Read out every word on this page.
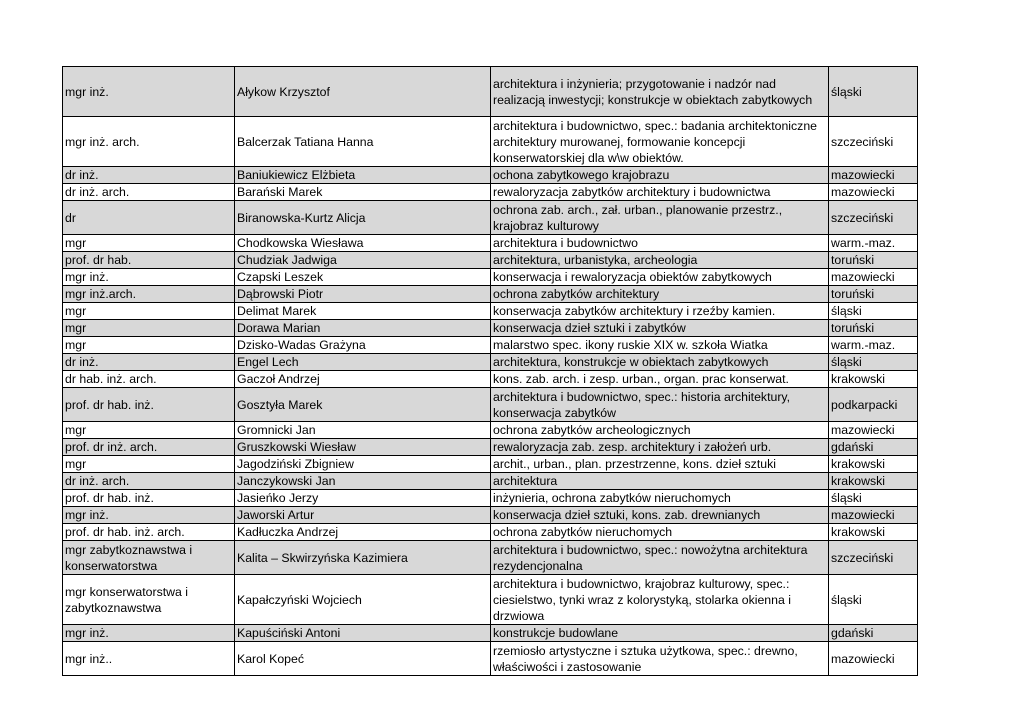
mgr inż.	Ałykow Krzysztof	architektura i inżynieria; przygotowanie i nadzór nad realizacją inwestycji; konstrukcje w obiektach zabytkowych	śląski
mgr inż. arch.	Balcerzak Tatiana Hanna	architektura i budownictwo, spec.: badania architektoniczne architektury murowanej, formowanie koncepcji konserwatorskiej dla w\w obiektów.	szczeciński
dr inż.	Baniukiewicz Elżbieta	ochona zabytkowego krajobrazu	mazowiecki
dr inż. arch.	Barański Marek	rewaloryzacja zabytków architektury i budownictwa	mazowiecki
dr	Biranowska-Kurtz Alicja	ochrona zab. arch., zał. urban., planowanie przestrz., krajobraz kulturowy	szczeciński
mgr	Chodkowska Wiesława	architektura i budownictwo	warm.-maz.
prof. dr hab.	Chudziak Jadwiga	architektura, urbanistyka, archeologia	toruński
mgr inż.	Czapski Leszek	konserwacja i rewaloryzacja obiektów zabytkowych	mazowiecki
mgr inż.arch.	Dąbrowski Piotr	ochrona zabytków architektury	toruński
mgr	Delimat Marek	konserwacja zabytków architektury i rzeźby kamien.	śląski
mgr	Dorawa Marian	konserwacja dzieł sztuki i zabytków	toruński
mgr	Dzisko-Wadas Grażyna	malarstwo spec. ikony ruskie XIX w. szkoła Wiatka	warm.-maz.
dr inż.	Engel Lech	architektura, konstrukcje w obiektach zabytkowych	śląski
dr hab. inż. arch.	Gaczoł Andrzej	kons. zab. arch. i zesp. urban., organ. prac konserwat.	krakowski
prof. dr hab. inż.	Gosztyła Marek	architektura i budownictwo, spec.: historia architektury, konserwacja zabytków	podkarpacki
mgr	Gromnicki Jan	ochrona zabytków archeologicznych	mazowiecki
prof. dr inż. arch.	Gruszkowski Wiesław	rewaloryzacja zab. zesp. architektury i założeń urb.	gdański
mgr	Jagodziński Zbigniew	archit., urban., plan. przestrzenne, kons. dzieł sztuki	krakowski
dr inż. arch.	Janczykowski Jan	architektura	krakowski
prof. dr hab. inż.	Jasieńko Jerzy	inżynieria, ochrona zabytków nieruchomych	śląski
mgr inż.	Jaworski Artur	konserwacja dzieł sztuki, kons. zab. drewnianych	mazowiecki
prof. dr hab. inż. arch.	Kadłuczka Andrzej	ochrona zabytków nieruchomych	krakowski
mgr zabytkoznawstwa i konserwatorstwa	Kalita – Skwirzyńska Kazimiera	architektura i budownictwo, spec.: nowożytna architektura rezydencjonalna	szczeciński
mgr konserwatorstwa i zabytkoznawstwa	Kapałczyński Wojciech	architektura i budownictwo, krajobraz kulturowy, spec.: ciesielstwo, tynki wraz z kolorystyką, stolarka okienna i drzwiowa	śląski
mgr inż.	Kapuściński Antoni	konstrukcje budowlane	gdański
mgr inż..	Karol Kopeć	rzemiosło artystyczne i sztuka użytkowa, spec.: drewno, właściwości i zastosowanie	mazowiecki
